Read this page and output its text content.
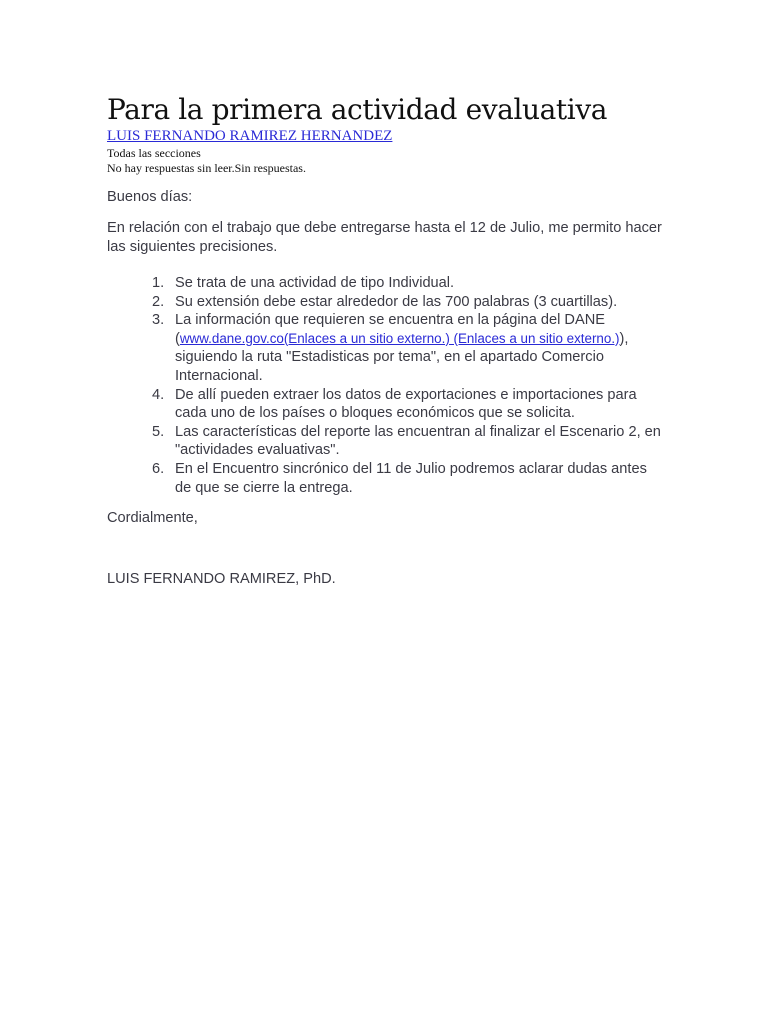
Para la primera actividad evaluativa
LUIS FERNANDO RAMIREZ HERNANDEZ
Todas las secciones
No hay respuestas sin leer.Sin respuestas.

Buenos días:

En relación con el trabajo que debe entregarse hasta el 12 de Julio, me permito hacer las siguientes precisiones.

1. Se trata de una actividad de tipo Individual.
2. Su extensión debe estar alrededor de las 700 palabras (3 cuartillas).
3. La información que requieren se encuentra en la página del DANE (www.dane.gov.co(Enlaces a un sitio externo.) (Enlaces a un sitio externo.)), siguiendo la ruta "Estadisticas por tema", en el apartado Comercio Internacional.
4. De allí pueden extraer los datos de exportaciones e importaciones para cada uno de los países o bloques económicos que se solicita.
5. Las características del reporte las encuentran al finalizar el Escenario 2, en "actividades evaluativas".
6. En el Encuentro sincrónico del 11 de Julio podremos aclarar dudas antes de que se cierre la entrega.

Cordialmente,

LUIS FERNANDO RAMIREZ, PhD.
